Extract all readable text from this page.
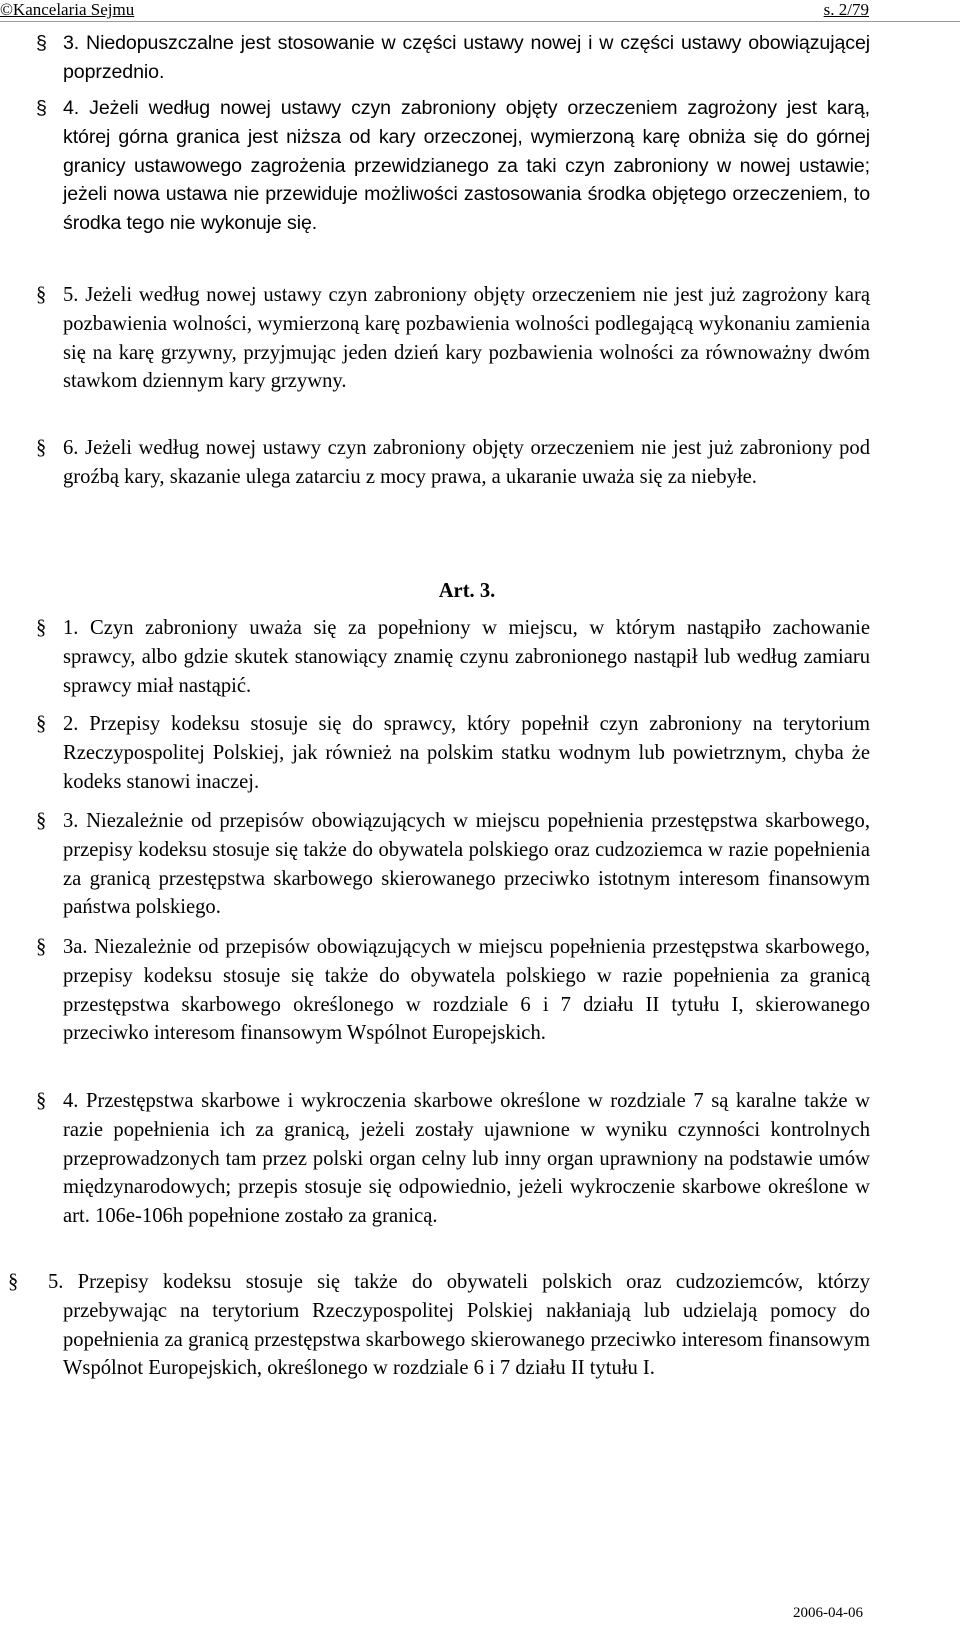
©Kancelaria Sejmu	s. 2/79
§ 3. Niedopuszczalne jest stosowanie w części ustawy nowej i w części ustawy obowiązującej poprzednio.
§ 4. Jeżeli według nowej ustawy czyn zabroniony objęty orzeczeniem zagrożony jest karą, której górna granica jest niższa od kary orzeczonej, wymierzoną karę obniża się do górnej granicy ustawowego zagrożenia przewidzianego za taki czyn zabroniony w nowej ustawie; jeżeli nowa ustawa nie przewiduje możliwości zastosowania środka objętego orzeczeniem, to środka tego nie wykonuje się.
§ 5. Jeżeli według nowej ustawy czyn zabroniony objęty orzeczeniem nie jest już zagrożony karą pozbawienia wolności, wymierzoną karę pozbawienia wolności podlegającą wykonaniu zamienia się na karę grzywny, przyjmując jeden dzień kary pozbawienia wolności za równoważny dwóm stawkom dziennym kary grzywny.
§ 6. Jeżeli według nowej ustawy czyn zabroniony objęty orzeczeniem nie jest już zabroniony pod groźbą kary, skazanie ulega zatarciu z mocy prawa, a ukaranie uważa się za niebyłe.
Art. 3.
§ 1. Czyn zabroniony uważa się za popełniony w miejscu, w którym nastąpiło zachowanie sprawcy, albo gdzie skutek stanowiący znamię czynu zabronionego nastąpił lub według zamiaru sprawcy miał nastąpić.
§ 2. Przepisy kodeksu stosuje się do sprawcy, który popełnił czyn zabroniony na terytorium Rzeczypospolitej Polskiej, jak również na polskim statku wodnym lub powietrznym, chyba że kodeks stanowi inaczej.
§ 3. Niezależnie od przepisów obowiązujących w miejscu popełnienia przestępstwa skarbowego, przepisy kodeksu stosuje się także do obywatela polskiego oraz cudzoziemca w razie popełnienia za granicą przestępstwa skarbowego skierowanego przeciwko istotnym interesom finansowym państwa polskiego.
§ 3a. Niezależnie od przepisów obowiązujących w miejscu popełnienia przestępstwa skarbowego, przepisy kodeksu stosuje się także do obywatela polskiego w razie popełnienia za granicą przestępstwa skarbowego określonego w rozdziale 6 i 7 działu II tytułu I, skierowanego przeciwko interesom finansowym Wspólnot Europejskich.
§ 4. Przestępstwa skarbowe i wykroczenia skarbowe określone w rozdziale 7 są karalne także w razie popełnienia ich za granicą, jeżeli zostały ujawnione w wyniku czynności kontrolnych przeprowadzonych tam przez polski organ celny lub inny organ uprawniony na podstawie umów międzynarodowych; przepis stosuje się odpowiednio, jeżeli wykroczenie skarbowe określone w art. 106e-106h popełnione zostało za granicą.
§ 5. Przepisy kodeksu stosuje się także do obywateli polskich oraz cudzoziemców, którzy przebywając na terytorium Rzeczypospolitej Polskiej nakłaniają lub udzielają pomocy do popełnienia za granicą przestępstwa skarbowego skierowanego przeciwko interesom finansowym Wspólnot Europejskich, określonego w rozdziale 6 i 7 działu II tytułu I.
2006-04-06
